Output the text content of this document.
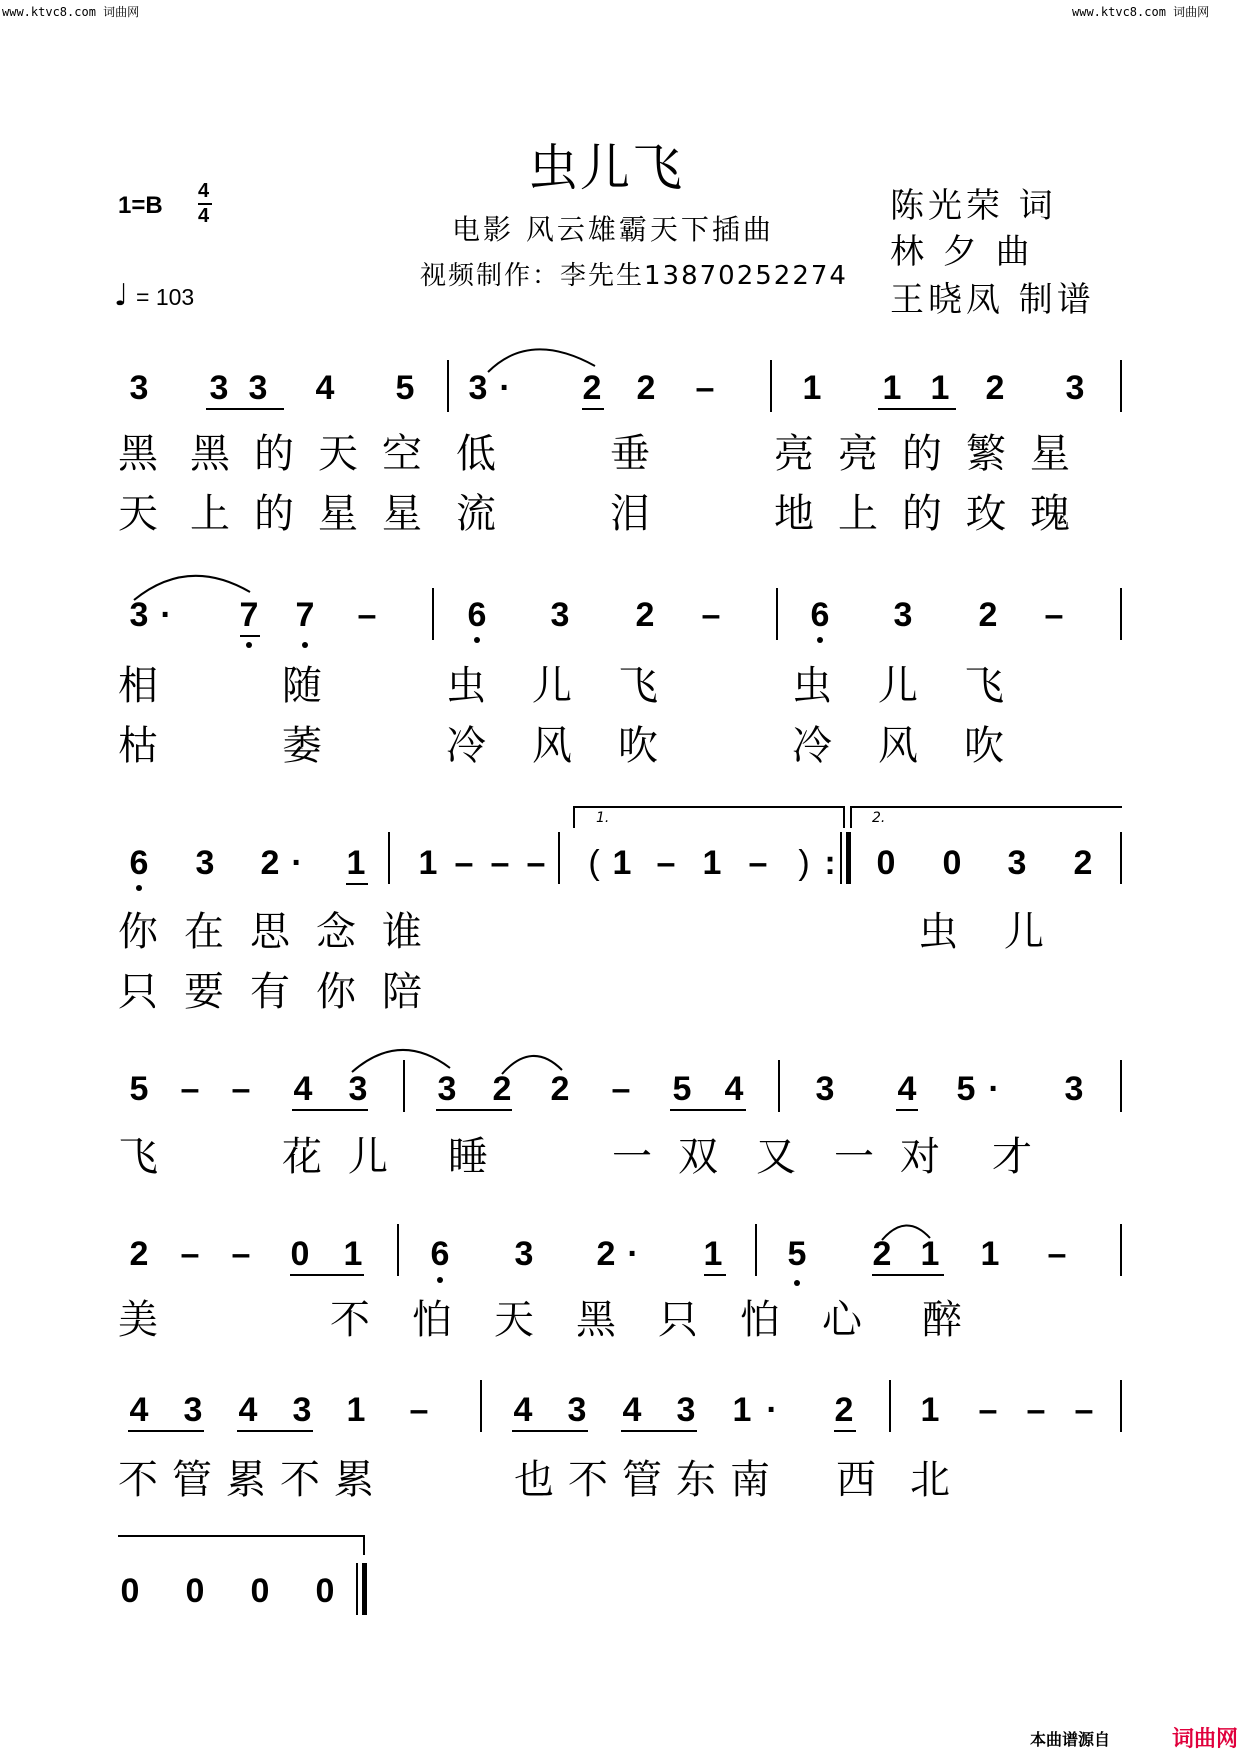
www.ktvc8.com 词曲网	www.ktvc8.com 词曲网
虫儿飞
电影 风云雄霸天下插曲
视频制作：李先生13870252274
陈光荣 词
林 夕 曲
王晓凤 制谱
1=B
4
4
♩ = 103
3	3 3	4	5	3 ·	2	2	–	1	1 1	2	3
黑 黑的天空 低 垂	亮亮的繁星
天 上的星星 流 泪	地上的玫瑰
3 ·	7	7	–	6	3	2	–	6	3	2	–
相	随	虫 儿 飞	虫 儿 飞
枯	萎	冷 风 吹	冷 风 吹
1.	2.
6	3	2 ·	1	1 – – –	( 1 – 1 – ) :	0	0	3	2
你在思念谁	虫 儿
只要有你陪
5 – –	4	3	3	2	2	–	5 4	3	4	5 ·	3
飞	花儿 睡	一双 又 一对 才
2 – –	0	1	6	3	2 ·	1	5	2 1	1	–
美	不 怕 天 黑 只 怕 心 醉
4	3	4	3	1	–	4	3	4	3	1 ·	2	1	– – –
不管累不累	也不管东南 西 北
0	0	0	0
本曲谱源自	词曲网
